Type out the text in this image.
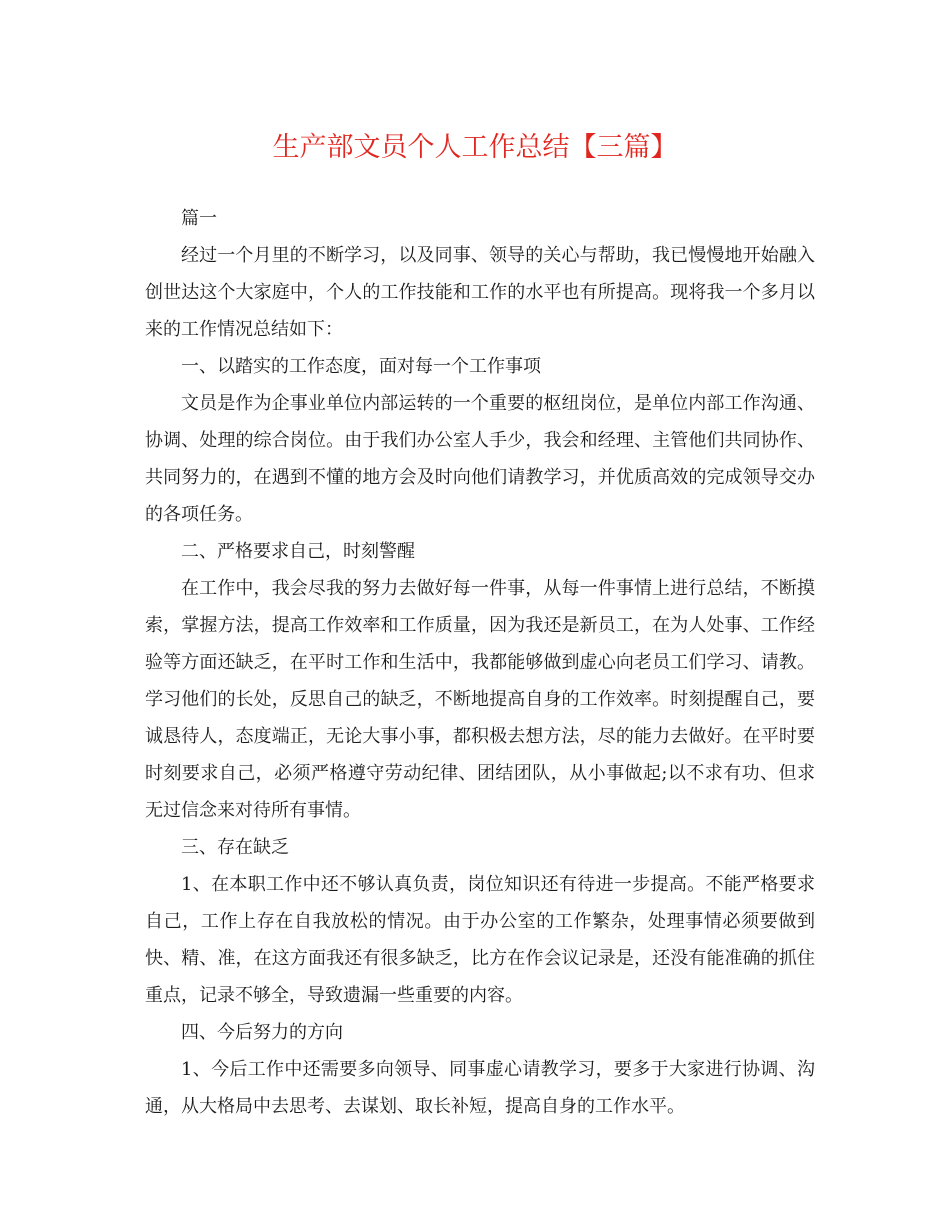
生产部文员个人工作总结【三篇】

篇一

经过一个月里的不断学习，以及同事、领导的关心与帮助，我已慢慢地开始融入创世达这个大家庭中，个人的工作技能和工作的水平也有所提高。现将我一个多月以来的工作情况总结如下：

一、以踏实的工作态度，面对每一个工作事项

文员是作为企事业单位内部运转的一个重要的枢纽岗位，是单位内部工作沟通、协调、处理的综合岗位。由于我们办公室人手少，我会和经理、主管他们共同协作、共同努力的，在遇到不懂的地方会及时向他们请教学习，并优质高效的完成领导交办的各项任务。

二、严格要求自己，时刻警醒

在工作中，我会尽我的努力去做好每一件事，从每一件事情上进行总结，不断摸索，掌握方法，提高工作效率和工作质量，因为我还是新员工，在为人处事、工作经验等方面还缺乏，在平时工作和生活中，我都能够做到虚心向老员工们学习、请教。学习他们的长处，反思自己的缺乏，不断地提高自身的工作效率。时刻提醒自己，要诚恳待人，态度端正，无论大事小事，都积极去想方法，尽的能力去做好。在平时要时刻要求自己，必须严格遵守劳动纪律、团结团队，从小事做起;以不求有功、但求无过信念来对待所有事情。

三、存在缺乏

1、在本职工作中还不够认真负责，岗位知识还有待进一步提高。不能严格要求自己，工作上存在自我放松的情况。由于办公室的工作繁杂，处理事情必须要做到快、精、准，在这方面我还有很多缺乏，比方在作会议记录是，还没有能准确的抓住重点，记录不够全，导致遗漏一些重要的内容。

四、今后努力的方向

1、今后工作中还需要多向领导、同事虚心请教学习，要多于大家进行协调、沟通，从大格局中去思考、去谋划、取长补短，提高自身的工作水平。
